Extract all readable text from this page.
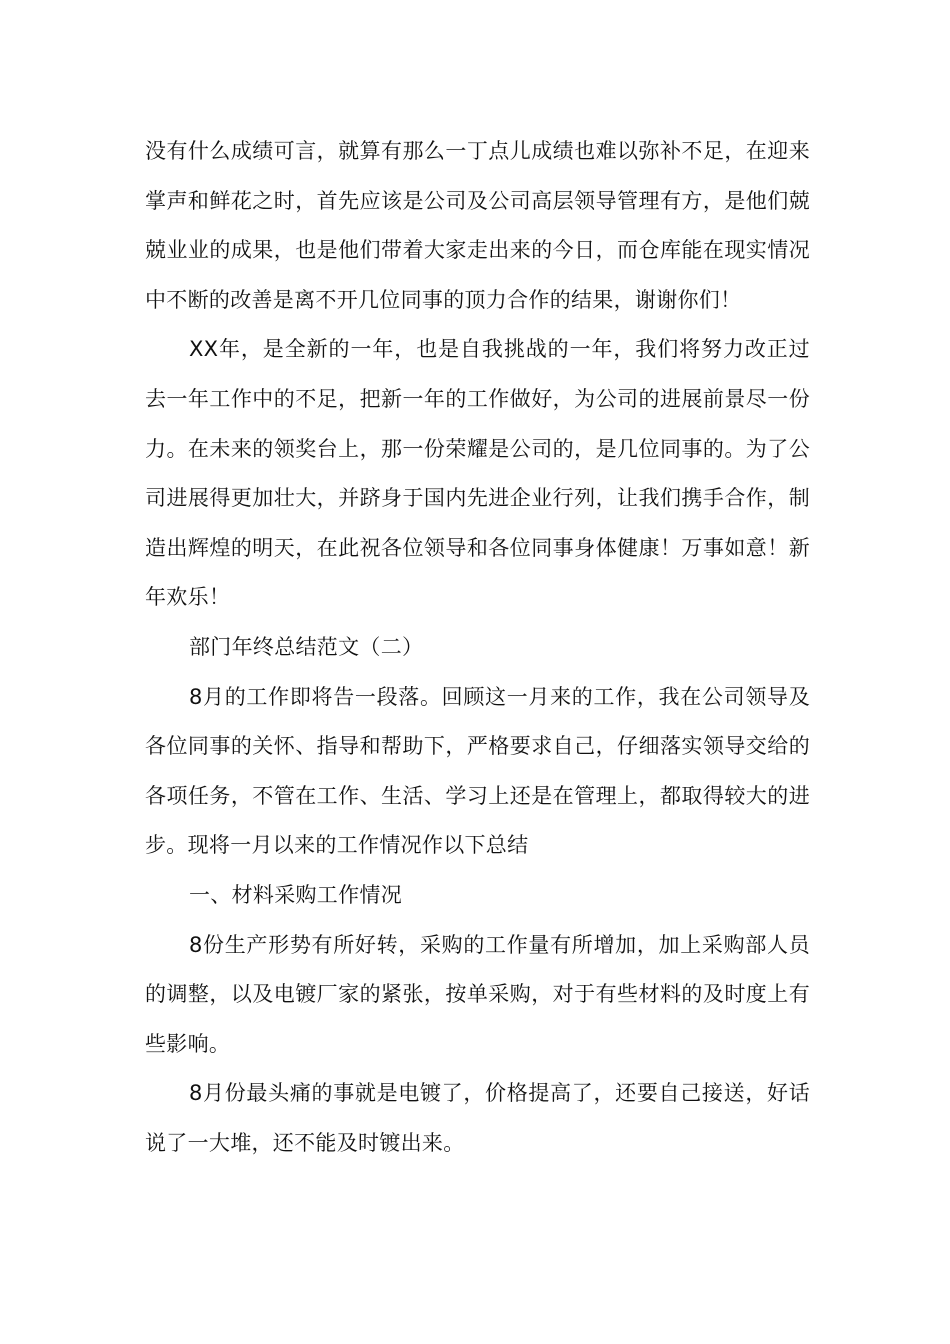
没有什么成绩可言，就算有那么一丁点儿成绩也难以弥补不足，在迎来掌声和鲜花之时，首先应该是公司及公司高层领导管理有方，是他们兢兢业业的成果，也是他们带着大家走出来的今日，而仓库能在现实情况中不断的改善是离不开几位同事的顶力合作的结果，谢谢你们！

XX年，是全新的一年，也是自我挑战的一年，我们将努力改正过去一年工作中的不足，把新一年的工作做好，为公司的进展前景尽一份力。在未来的领奖台上，那一份荣耀是公司的，是几位同事的。为了公司进展得更加壮大，并跻身于国内先进企业行列，让我们携手合作，制造出辉煌的明天，在此祝各位领导和各位同事身体健康！万事如意！新年欢乐！

部门年终总结范文（二）

8月的工作即将告一段落。回顾这一月来的工作，我在公司领导及各位同事的关怀、指导和帮助下，严格要求自己，仔细落实领导交给的各项任务，不管在工作、生活、学习上还是在管理上，都取得较大的进步。现将一月以来的工作情况作以下总结

一、材料采购工作情况

8份生产形势有所好转，采购的工作量有所增加，加上采购部人员的调整，以及电镀厂家的紧张，按单采购，对于有些材料的及时度上有些影响。

8月份最头痛的事就是电镀了，价格提高了，还要自己接送，好话说了一大堆，还不能及时镀出来。
